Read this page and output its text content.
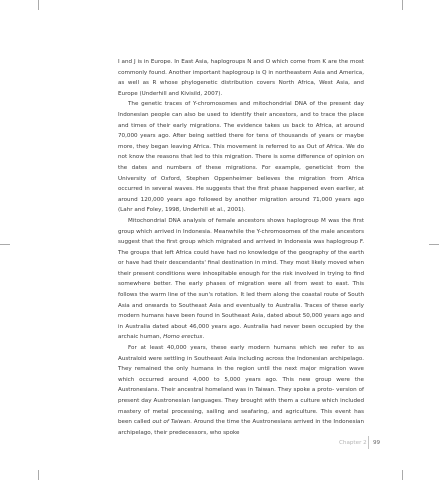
I and J is in Europe. In East Asia, haplogroups N and O which come from K are the most commonly found. Another important haplogroup is Q in northeastern Asia and America, as well as R whose phylogenetic distribution covers North Africa, West Asia, and Europe (Underhill and Kivisild, 2007).

The genetic traces of Y-chromosomes and mitochondrial DNA of the present day Indonesian people can also be used to identify their ancestors, and to trace the place and times of their early migrations. The evidence takes us back to Africa, at around 70,000 years ago. After being settled there for tens of thousands of years or maybe more, they began leaving Africa. This movement is referred to as Out of Africa. We do not know the reasons that led to this migration. There is some difference of opinion on the dates and numbers of these migrations. For example, geneticist from the University of Oxford, Stephen Oppenheimer believes the migration from Africa occurred in several waves. He suggests that the first phase happened even earlier, at around 120,000 years ago followed by another migration around 71,000 years ago (Lahr and Foley, 1998, Underhill et al., 2001).

Mitochondrial DNA analysis of female ancestors shows haplogroup M was the first group which arrived in Indonesia. Meanwhile the Y-chromosomes of the male ancestors suggest that the first group which migrated and arrived in Indonesia was haplogroup F. The groups that left Africa could have had no knowledge of the geography of the earth or have had their descendants' final destination in mind. They most likely moved when their present conditions were inhospitable enough for the risk involved in trying to find somewhere better. The early phases of migration were all from west to east. This follows the warm line of the sun's rotation. It led them along the coastal route of South Asia and onwards to Southeast Asia and eventually to Australia. Traces of these early modern humans have been found in Southeast Asia, dated about 50,000 years ago and in Australia dated about 46,000 years ago. Australia had never been occupied by the archaic human, Homo erectus.

For at least 40,000 years, these early modern humans which we refer to as Australoid were settling in Southeast Asia including across the Indonesian archipelago. They remained the only humans in the region until the next major migration wave which occurred around 4,000 to 5,000 years ago. This new group were the Austronesians. Their ancestral homeland was in Taiwan. They spoke a proto- version of present day Austronesian languages. They brought with them a culture which included mastery of metal processing, sailing and seafaring, and agriculture. This event has been called out of Taiwan. Around the time the Austronesians arrived in the Indonesian archipelago, their predecessors, who spoke

Chapter 2 99
